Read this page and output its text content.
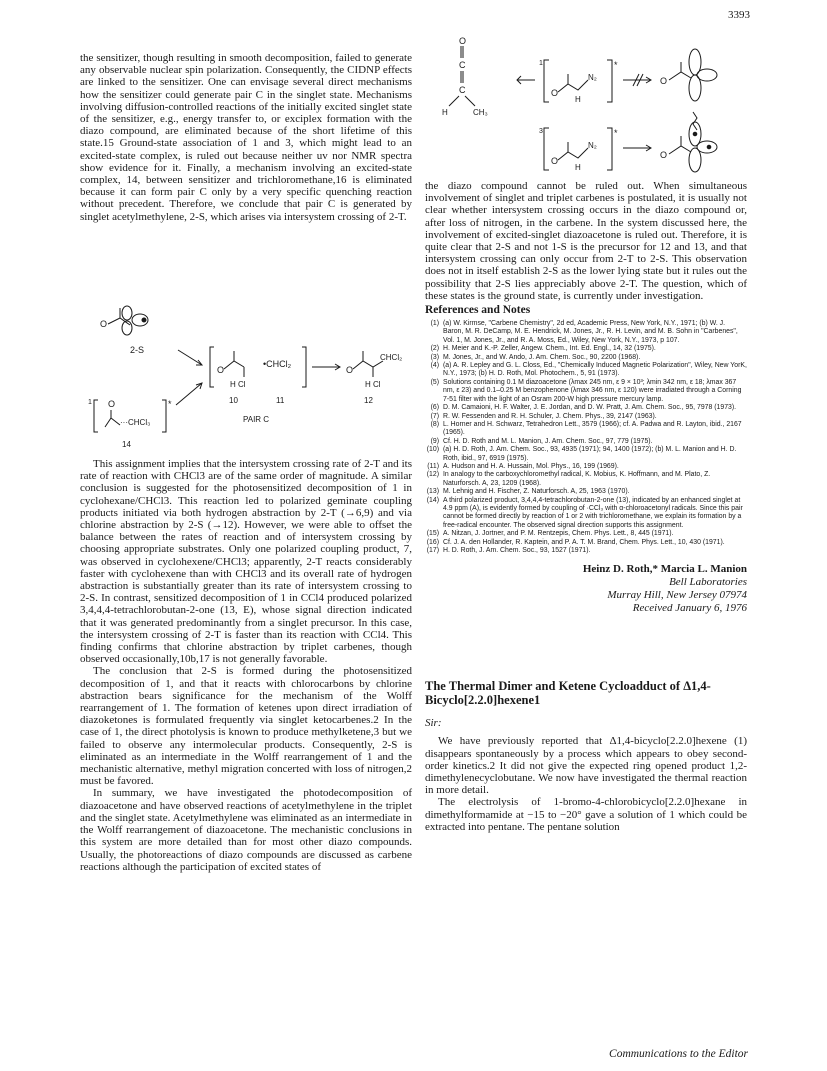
3393

the sensitizer, though resulting in smooth decomposition, failed to generate any observable nuclear spin polarization. Consequently, the CIDNP effects are linked to the sensitizer. One can envisage several direct mechanisms how the sensitizer could generate pair C in the singlet state. Mechanisms involving diffusion-controlled reactions of the initially excited singlet state of the sensitizer, e.g., energy transfer to, or exciplex formation with the diazo compound, are eliminated because of the short lifetime of this state.15 Ground-state association of 1 and 3, which might lead to an excited-state complex, is ruled out because neither uv nor NMR spectra show evidence for it. Finally, a mechanism involving an excited-state complex, 14, between sensitizer and trichloromethane,16 is eliminated because it can form pair C only by a very specific quenching reaction without precedent. Therefore, we conclude that pair C is generated by singlet acetylmethylene, 2-S, which arises via intersystem crossing of 2-T.

O
2-S
O
•CHCl₂
H Cl
O
CHCl₂
H Cl
10	11	12
PAIR C
1 O
···CHCl₃
*
14

This assignment implies that the intersystem crossing rate of 2-T and its rate of reaction with CHCl3 are of the same order of magnitude. A similar conclusion is suggested for the photosensitized decomposition of 1 in cyclohexane/CHCl3. This reaction led to polarized geminate coupling products initiated via both hydrogen abstraction by 2-T (→6,9) and via chlorine abstraction by 2-S (→12). However, we were able to offset the balance between the rates of reaction and of intersystem crossing by choosing appropriate substrates. Only one polarized coupling product, 7, was observed in cyclohexene/CHCl3; apparently, 2-T reacts considerably faster with cyclohexene than with CHCl3 and its overall rate of hydrogen abstraction is substantially greater than its rate of intersystem crossing to 2-S. In contrast, sensitized decomposition of 1 in CCl4 produced polarized 3,4,4,4-tetrachlorobutan-2-one (13, E), whose signal direction indicated that it was generated predominantly from a singlet precursor. In this case, the intersystem crossing of 2-T is faster than its reaction with CCl4. This finding confirms that chlorine abstraction by triplet carbenes, though observed occasionally,10b,17 is not generally favorable.

The conclusion that 2-S is formed during the photosensitized decomposition of 1, and that it reacts with chlorocarbons by chlorine abstraction bears significance for the mechanism of the Wolff rearrangement of 1. The formation of ketenes upon direct irradiation of diazoketones is formulated frequently via singlet ketocarbenes.2 In the case of 1, the direct photolysis is known to produce methylketene,3 but we failed to observe any intermolecular products. Consequently, 2-S is eliminated as an intermediate in the Wolff rearrangement of 1 and the mechanistic alternative, methyl migration concerted with loss of nitrogen,2 must be favored.

In summary, we have investigated the photodecomposition of diazoacetone and have observed reactions of acetylmethylene in the triplet and the singlet state. Acetylmethylene was eliminated as an intermediate in the Wolff rearrangement of diazoacetone. The mechanistic conclusions in this system are more detailed than for most other diazo compounds. Usually, the photoreactions of diazo compounds are discussed as carbene reactions although the participation of excited states of

O
C
C
H	CH₃
1
O
N₂
H
*
O
3
O
N₂
H
*
O

the diazo compound cannot be ruled out. When simultaneous involvement of singlet and triplet carbenes is postulated, it is usually not clear whether intersystem crossing occurs in the diazo compound or, after loss of nitrogen, in the carbene. In the system discussed here, the involvement of excited-singlet diazoacetone is ruled out. Therefore, it is quite clear that 2-S and not 1-S is the precursor for 12 and 13, and that intersystem crossing can only occur from 2-T to 2-S. This observation does not in itself establish 2-S as the lower lying state but it rules out the possibility that 2-S lies appreciably above 2-T. The question, which of these states is the ground state, is currently under investigation.

References and Notes
(1) (a) W. Kirmse, "Carbene Chemistry", 2d ed, Academic Press, New York, N.Y., 1971; (b) W. J. Baron, M. R. DeCamp, M. E. Hendrick, M. Jones, Jr., R. H. Levin, and M. B. Sohn in "Carbenes", Vol. 1, M. Jones, Jr., and R. A. Moss, Ed., Wiley, New York, N.Y., 1973, p 107.
(2) H. Meier and K.-P. Zeller, Angew. Chem., Int. Ed. Engl., 14, 32 (1975).
(3) M. Jones, Jr., and W. Ando, J. Am. Chem. Soc., 90, 2200 (1968).
(4) (a) A. R. Lepley and G. L. Closs, Ed., "Chemically Induced Magnetic Polarization", Wiley, New YorK, N.Y., 1973; (b) H. D. Roth, Mol. Photochem., 5, 91 (1973).
(5) Solutions containing 0.1 M diazoacetone (λmax 245 nm, ε 9 × 10³; λmin 342 nm, ε 18; λmax 367 nm, ε 23) and 0.1–0.25 M benzophenone (λmax 346 nm, ε 120) were irradiated through a Corning 7-51 filter with the light of an Osram 200-W high pressure mercury lamp.
(6) D. M. Camaioni, H. F. Walter, J. E. Jordan, and D. W. Pratt, J. Am. Chem. Soc., 95, 7978 (1973).
(7) R. W. Fessenden and R. H. Schuler, J. Chem. Phys., 39, 2147 (1963).
(8) L. Horner and H. Schwarz, Tetrahedron Lett., 3579 (1966); cf. A. Padwa and R. Layton, ibid., 2167 (1965).
(9) Cf. H. D. Roth and M. L. Manion, J. Am. Chem. Soc., 97, 779 (1975).
(10) (a) H. D. Roth, J. Am. Chem. Soc., 93, 4935 (1971); 94, 1400 (1972); (b) M. L. Manion and H. D. Roth, ibid., 97, 6919 (1975).
(11) A. Hudson and H. A. Hussain, Mol. Phys., 16, 199 (1969).
(12) In analogy to the carboxychloromethyl radical, K. Mobius, K. Hoffmann, and M. Plato, Z. Naturforsch. A, 23, 1209 (1968).
(13) M. Lehnig and H. Fischer, Z. Naturforsch. A, 25, 1963 (1970).
(14) A third polarized product, 3,4,4,4-tetrachlorobutan-2-one (13), indicated by an enhanced singlet at 4.9 ppm (A), is evidently formed by coupling of ·CCl₃ with α-chloroacetonyl radicals. Since this pair cannot be formed directly by reaction of 1 or 2 with trichloromethane, we explain its formation by a free-radical encounter. The observed signal direction supports this assignment.
(15) A. Nitzan, J. Jortner, and P. M. Rentzepis, Chem. Phys. Lett., 8, 445 (1971).
(16) Cf. J. A. den Hollander, R. Kaptein, and P. A. T. M. Brand, Chem. Phys. Lett., 10, 430 (1971).
(17) H. D. Roth, J. Am. Chem. Soc., 93, 1527 (1971).
Heinz D. Roth,* Marcia L. Manion
Bell Laboratories
Murray Hill, New Jersey 07974
Received January 6, 1976
The Thermal Dimer and Ketene Cycloadduct of Δ1,4-Bicyclo[2.2.0]hexene1
Sir:

We have previously reported that Δ1,4-bicyclo[2.2.0]hexene (1) disappears spontaneously by a process which appears to obey second-order kinetics.2 It did not give the expected ring opened product 1,2-dimethylenecyclobutane. We now have investigated the thermal reaction in more detail.

The electrolysis of 1-bromo-4-chlorobicyclo[2.2.0]hexane in dimethylformamide at −15 to −20° gave a solution of 1 which could be extracted into pentane. The pentane solution

Communications to the Editor
